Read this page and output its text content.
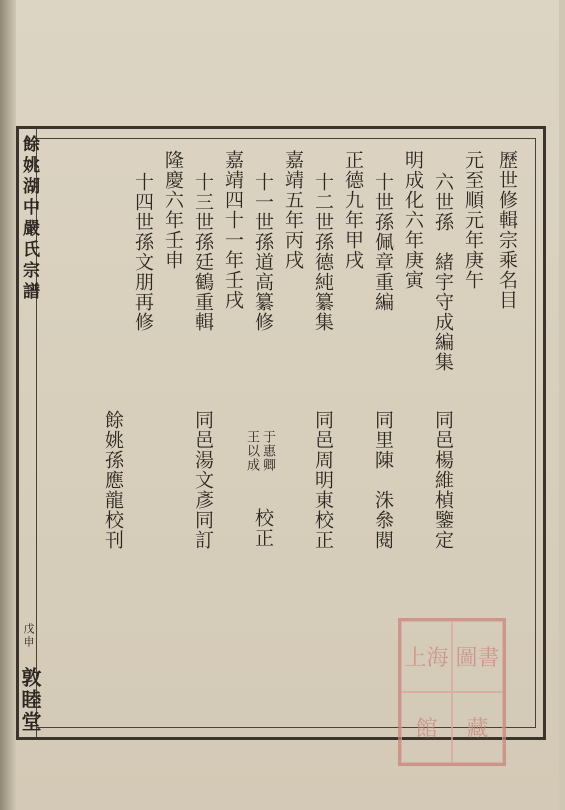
餘姚湖中嚴氏宗譜
戊申
敦睦堂
歷世修輯宗乘名目
元至順元年庚午
六世孫　緒宇守成編集
同邑楊維楨鑒定
明成化六年庚寅
十世孫佩章重編
同里陳　洙叅閱
正德九年甲戌
十二世孫德純纂集
同邑周明東校正
嘉靖五年丙戌
十一世孫道高纂修
于惠卿
王以成
校正
嘉靖四十一年壬戌
十三世孫廷鶴重輯
同邑湯文彥同訂
隆慶六年壬申
十四世孫文朋再修
餘姚孫應龍校刊
上海 圖書
館	藏
